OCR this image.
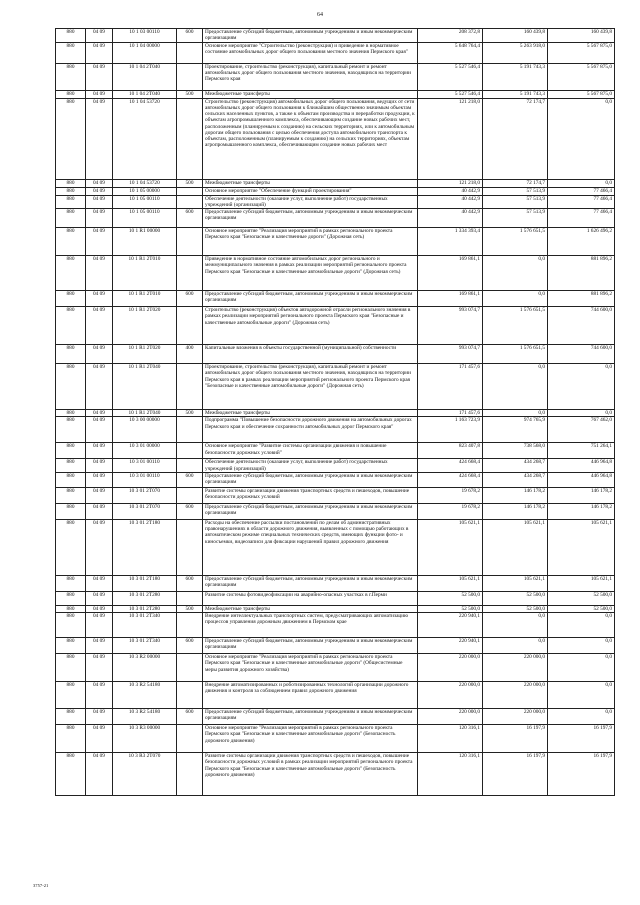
64
880	04 09	10 1 03 00110	600	Предоставление субсидий бюджетным, автономным учреждениям и иным некоммерческим организациям	208 372,8	160 439,8	160 439,8
880	04 09	10 1 04 00000		Основное мероприятие "Строительство (реконструкция) и приведение в нормативное состояние автомобильных дорог общего пользования местного значения Пермского края"	5 648 764,4	5 263 918,0	5 567 875,0
880	04 09	10 1 04 2Т040		Проектирование, строительство (реконструкция), капитальный ремонт и ремонт автомобильных дорог общего пользования местного значения, находящихся на территории Пермского края	5 527 546,4	5 191 743,3	5 567 875,0
880	04 09	10 1 04 2Т040	500	Межбюджетные трансферты	5 527 546,4	5 191 743,3	5 567 875,0
880	04 09	10 1 04 53720		Строительство (реконструкция) автомобильных дорог общего пользования, ведущих от сети автомобильных дорог общего пользования к ближайшим общественно значимым объектам сельских населенных пунктов, а также к объектам производства и переработки продукции, к объектам агропромышленного комплекса, обеспечивающим создание новых рабочих мест, расположенным (планируемым к созданию) на сельских территориях, или к автомобильным дорогам общего пользования с целью обеспечения доступа автомобильного транспорта к объектам, расположенным (планируемым к созданию) на сельских территориях, объектам агропромышленного комплекса, обеспечивающим создание новых рабочих мест	121 218,0	72 174,7	0,0
880	04 09	10 1 04 53720	500	Межбюджетные трансферты	121 218,0	72 174,7	0,0
880	04 09	10 1 05 00000		Основное мероприятие "Обеспечение функций проектирования"	40 442,9	57 513,9	77 466,4
880	04 09	10 1 05 00110		Обеспечение деятельности (оказание услуг, выполнение работ) государственных учреждений (организаций)	40 442,9	57 513,9	77 466,4
880	04 09	10 1 05 00110	600	Предоставление субсидий бюджетным, автономным учреждениям и иным некоммерческим организациям	40 442,9	57 513,9	77 466,4
880	04 09	10 1 R1 00000		Основное мероприятие "Реализация мероприятий в рамках регионального проекта Пермского края "Безопасные и качественные дороги" (Дорожная сеть)	1 334 393,4	1 576 651,5	1 626 496,2
880	04 09	10 1 R1 2Т010		Приведение в нормативное состояние автомобильных дорог регионального и межмуниципального значения в рамках реализации мероприятий регионального проекта Пермского края "Безопасные и качественные автомобильные дороги" (Дорожная сеть)	169 861,1	0,0	881 896,2
880	04 09	10 1 R1 2Т010	600	Предоставление субсидий бюджетным, автономным учреждениям и иным некоммерческим организациям	169 861,1	0,0	881 896,2
880	04 09	10 1 R1 2Т020		Строительство (реконструкция) объектов автодорожной отрасли регионального значения в рамках реализации мероприятий регионального проекта Пермского края "Безопасные и качественные автомобильные дороги" (Дорожная сеть)	993 074,7	1 576 651,5	744 600,0
880	04 09	10 1 R1 2Т020	400	Капитальные вложения в объекты государственной (муниципальной) собственности	993 074,7	1 576 651,5	744 600,0
880	04 09	10 1 R1 2Т040		Проектирование, строительство (реконструкция), капитальный ремонт и ремонт автомобильных дорог общего пользования местного значения, находящихся на территории Пермского края в рамках реализации мероприятий регионального проекта Пермского края "Безопасные и качественные автомобильные дороги" (Дорожная сеть)	171 457,6	0,0	0,0
880	04 09	10 1 R1 2Т040	500	Межбюджетные трансферты	171 457,6	0,0	0,0
880	04 09	10 3 00 00000		Подпрограмма "Повышение безопасности дорожного движения на автомобильных дорогах Пермского края и обеспечение сохранности автомобильных дорог Пермского края"	1 163 723,9	974 765,9	767 462,0
880	04 09	10 3 01 00000		Основное мероприятие "Развитие системы организации движения и повышение безопасности дорожных условий"	823 407,8	738 568,0	751 264,1
880	04 09	10 3 01 00110		Обеспечение деятельности (оказание услуг, выполнение работ) государственных учреждений (организаций)	424 668,4	434 268,7	446 964,8
880	04 09	10 3 01 00110	600	Предоставление субсидий бюджетным, автономным учреждениям и иным некоммерческим организациям	424 668,4	434 268,7	446 964,8
880	04 09	10 3 01 2Т070		Развитие системы организации движения транспортных средств и пешеходов, повышение безопасности дорожных условий	19 678,2	146 178,2	146 178,2
880	04 09	10 3 01 2Т070	600	Предоставление субсидий бюджетным, автономным учреждениям и иным некоммерческим организациям	19 678,2	146 178,2	146 178,2
880	04 09	10 3 01 2Т180		Расходы на обеспечение рассылки постановлений по делам об административных правонарушениях в области дорожного движения, выявленных с помощью работающих в автоматическом режиме специальных технических средств, имеющих функции фото- и киносъемки, видеозаписи для фиксации нарушений правил дорожного движения	105 621,1	105 621,1	105 621,1
880	04 09	10 3 01 2Т180	600	Предоставление субсидий бюджетным, автономным учреждениям и иным некоммерческим организациям	105 621,1	105 621,1	105 621,1
880	04 09	10 3 01 2Т280		Развитие системы фотовидеофиксации на аварийно-опасных участках в г.Перми	52 500,0	52 500,0	52 500,0
880	04 09	10 3 01 2Т280	500	Межбюджетные трансферты	52 500,0	52 500,0	52 500,0
880	04 09	10 3 01 2Т340		Внедрение интеллектуальных транспортных систем, предусматривающих автоматизацию процессов управления дорожным движением в Пермском крае	220 940,1	0,0	0,0
880	04 09	10 3 01 2Т340	600	Предоставление субсидий бюджетным, автономным учреждениям и иным некоммерческим организациям	220 940,1	0,0	0,0
880	04 09	10 3 R2 00000		Основное мероприятие "Реализация мероприятий в рамках регионального проекта Пермского края "Безопасные и качественные автомобильные дороги" (Общесистемные меры развития дорожного хозяйства)	220 000,0	220 000,0	0,0
880	04 09	10 3 R2 54180		Внедрение автоматизированных и роботизированных технологий организации дорожного движения и контроля за соблюдением правил дорожного движения	220 000,0	220 000,0	0,0
880	04 09	10 3 R2 54180	600	Предоставление субсидий бюджетным, автономным учреждениям и иным некоммерческим организациям	220 000,0	220 000,0	0,0
880	04 09	10 3 R3 00000		Основное мероприятие "Реализация мероприятий в рамках регионального проекта Пермского края "Безопасные и качественные автомобильные дороги" (Безопасность дорожного движения)	120 316,1	16 197,9	16 197,9
880	04 09	10 3 R3 2Т070		Развитие системы организации движения транспортных средств и пешеходов, повышение безопасности дорожных условий в рамках реализации мероприятий регионального проекта Пермского края "Безопасные и качественные автомобильные дороги" (Безопасность дорожного движения)	120 316,1	16 197,9	16 197,9
3757-21
